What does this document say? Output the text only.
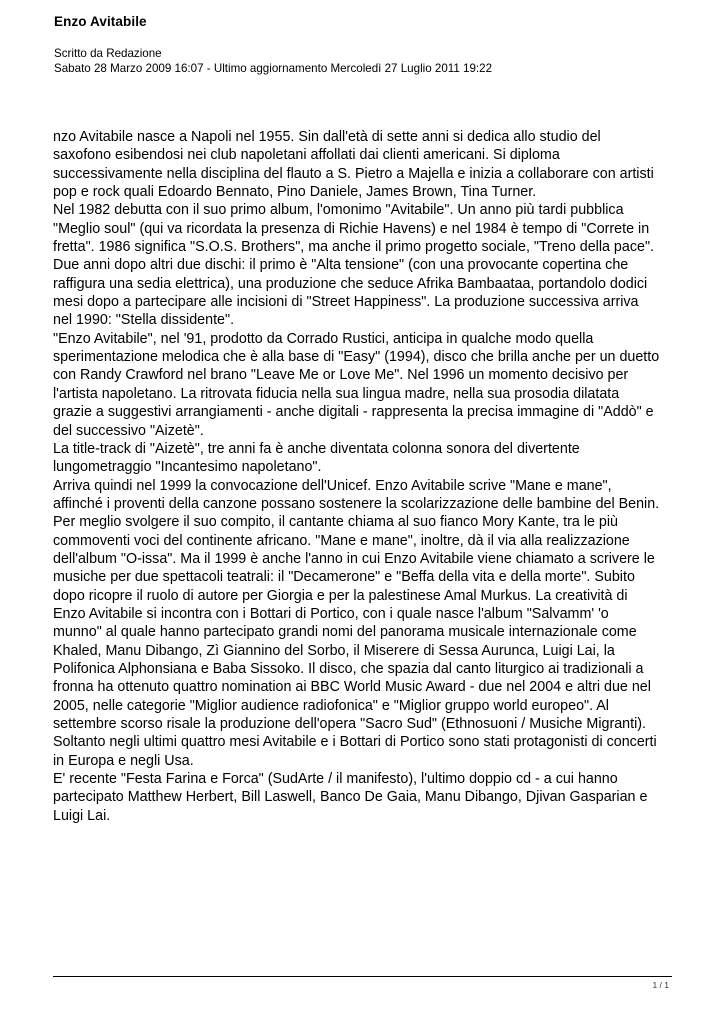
Enzo Avitabile
Scritto da Redazione
Sabato 28 Marzo 2009 16:07 - Ultimo aggiornamento Mercoledì 27 Luglio 2011 19:22

nzo Avitabile nasce a Napoli nel 1955. Sin dall'età di sette anni si dedica allo studio del

saxofono esibendosi nei club napoletani affollati dai clienti americani. Si diploma

successivamente nella disciplina del flauto a S. Pietro a Majella e inizia a collaborare con artisti

pop e rock quali Edoardo Bennato, Pino Daniele, James Brown, Tina Turner.

Nel 1982 debutta con il suo primo album, l'omonimo "Avitabile". Un anno più tardi pubblica

"Meglio soul" (qui va ricordata la presenza di Richie Havens) e nel 1984 è tempo di "Correte in

fretta". 1986 significa "S.O.S. Brothers", ma anche il primo progetto sociale, "Treno della pace".

Due anni dopo altri due dischi: il primo è "Alta tensione" (con una provocante copertina che

raffigura una sedia elettrica), una produzione che seduce Afrika Bambaataa, portandolo dodici

mesi dopo a partecipare alle incisioni di "Street Happiness". La produzione successiva arriva

nel 1990: "Stella dissidente".

"Enzo Avitabile", nel '91, prodotto da Corrado Rustici, anticipa in qualche modo quella

sperimentazione melodica che è alla base di "Easy" (1994), disco che brilla anche per un duetto

con Randy Crawford nel brano "Leave Me or Love Me". Nel 1996 un momento decisivo per

l'artista napoletano. La ritrovata fiducia nella sua lingua madre, nella sua prosodia dilatata

grazie a suggestivi arrangiamenti - anche digitali - rappresenta la precisa immagine di "Addò" e

del successivo "Aizetè".

La title-track di "Aizetè", tre anni fa è anche diventata colonna sonora del divertente

lungometraggio "Incantesimo napoletano".

Arriva quindi nel 1999 la convocazione dell'Unicef. Enzo Avitabile scrive "Mane e mane",

affinché i proventi della canzone possano sostenere la scolarizzazione delle bambine del Benin.

Per meglio svolgere il suo compito, il cantante chiama al suo fianco Mory Kante, tra le più

commoventi voci del continente africano. "Mane e mane", inoltre, dà il via alla realizzazione

dell'album "O-issa". Ma il 1999 è anche l'anno in cui Enzo Avitabile viene chiamato a scrivere le

musiche per due spettacoli teatrali: il "Decamerone" e "Beffa della vita e della morte". Subito

dopo ricopre il ruolo di autore per Giorgia e per la palestinese Amal Murkus. La creatività di

Enzo Avitabile si incontra con i Bottari di Portico, con i quale nasce l'album "Salvamm' 'o

munno" al quale hanno partecipato grandi nomi del panorama musicale internazionale come

Khaled, Manu Dibango, Zì Giannino del Sorbo, il Miserere di Sessa Aurunca, Luigi Lai, la

Polifonica Alphonsiana e Baba Sissoko. Il disco, che spazia dal canto liturgico ai tradizionali a

fronna ha ottenuto quattro nomination ai BBC World Music Award - due nel 2004 e altri due nel

2005, nelle categorie "Miglior audience radiofonica" e "Miglior gruppo world europeo". Al

settembre scorso risale la produzione dell'opera "Sacro Sud" (Ethnosuoni / Musiche Migranti).

Soltanto negli ultimi quattro mesi Avitabile e i Bottari di Portico sono stati protagonisti di concerti

in Europa e negli Usa.

E' recente "Festa Farina e Forca" (SudArte / il manifesto), l'ultimo doppio cd - a cui hanno

partecipato Matthew Herbert, Bill Laswell, Banco De Gaia, Manu Dibango, Djivan Gasparian e

Luigi Lai.

1 / 1
